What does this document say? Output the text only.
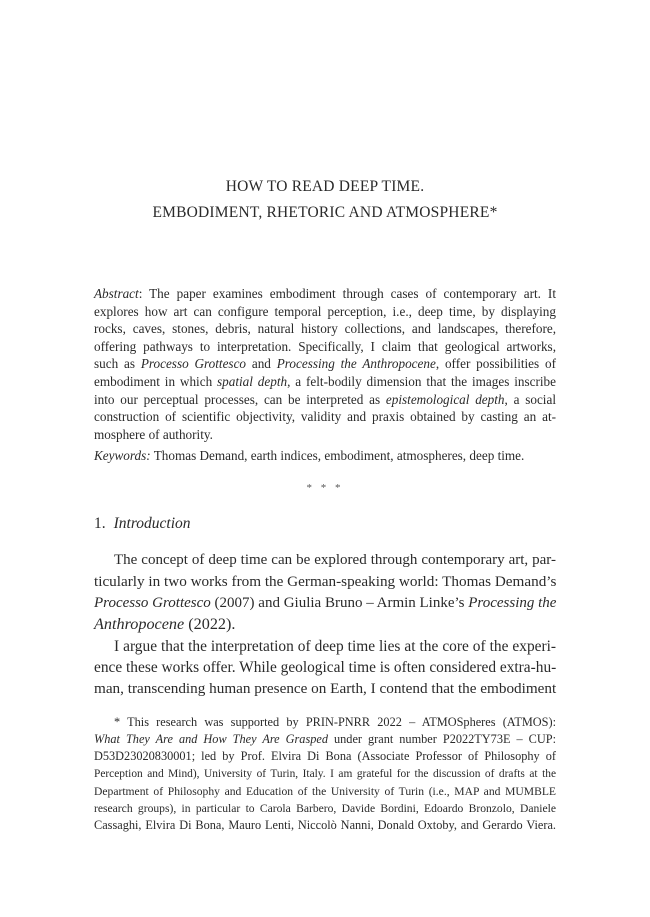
HOW TO READ DEEP TIME.
EMBODIMENT, RHETORIC AND ATMOSPHERE*
Abstract: The paper examines embodiment through cases of contemporary art. It
explores how art can configure temporal perception, i.e., deep time, by displaying
rocks, caves, stones, debris, natural history collections, and landscapes, therefore,
offering pathways to interpretation. Specifically, I claim that geological artworks,
such as Processo Grottesco and Processing the Anthropocene, offer possibilities of
embodiment in which spatial depth, a felt-bodily dimension that the images inscribe
into our perceptual processes, can be interpreted as epistemological depth, a social
construction of scientific objectivity, validity and praxis obtained by casting an at-
mosphere of authority.
Keywords: Thomas Demand, earth indices, embodiment, atmospheres, deep time.
* * *
1. Introduction
The concept of deep time can be explored through contemporary art, par-
ticularly in two works from the German-speaking world: Thomas Demand’s
Processo Grottesco (2007) and Giulia Bruno – Armin Linke’s Processing the
Anthropocene (2022).
I argue that the interpretation of deep time lies at the core of the experi-
ence these works offer. While geological time is often considered extra-hu-
man, transcending human presence on Earth, I contend that the embodiment
* This research was supported by PRIN-PNRR 2022 – ATMOSpheres (ATMOS):
What They Are and How They Are Grasped under grant number P2022TY73E – CUP:
D53D23020830001; led by Prof. Elvira Di Bona (Associate Professor of Philosophy of
Perception and Mind), University of Turin, Italy. I am grateful for the discussion of drafts at the
Department of Philosophy and Education of the University of Turin (i.e., MAP and MUMBLE
research groups), in particular to Carola Barbero, Davide Bordini, Edoardo Bronzolo, Daniele
Cassaghi, Elvira Di Bona, Mauro Lenti, Niccolò Nanni, Donald Oxtoby, and Gerardo Viera.
